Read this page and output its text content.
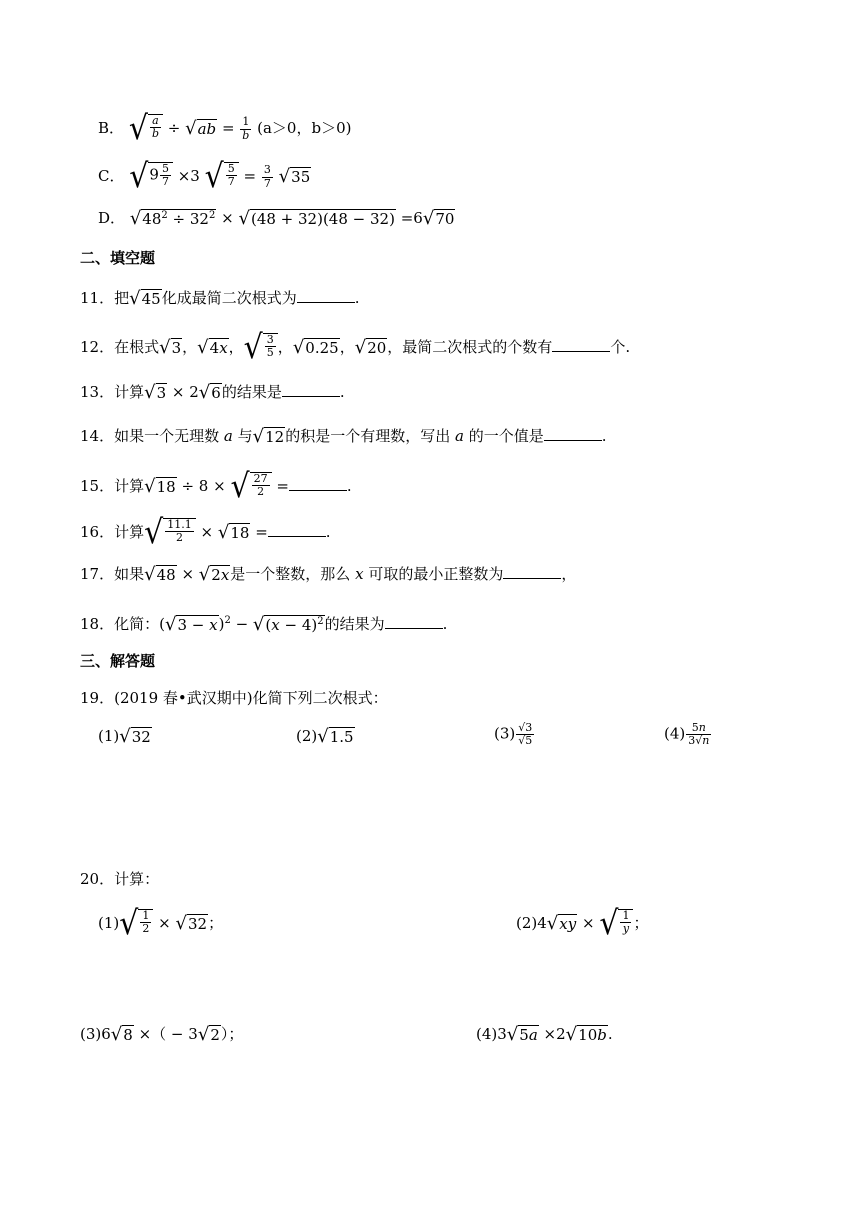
B． √ $\frac{a}{b}$ ÷ √ ab = $\frac{1}{b} (a>0$，b＞0)
C． √ $9 \frac{5}{7} \times 3$ √ $\frac{5}{7} = \frac{3}{7}$
√ 35
D． √ $48^2 \div 32^2$ × √ (48 + 32)(48 − 32) =6 √ 70
二、填空题
11．把 √ 45 化成最简二次根式为	.
12．在根式 √ 3 ， √ 4x ， √ $\frac{3}{5}$ ， √ 0.25 ， √ 20 ，最简二次根式的个数有	个.
13．计算 √ 3 × 2 √ 6 的结果是	.
14．如果一个无理数 a 与 √ 12 的积是一个有理数，写出 a 的一个值是	.
15．计算 √ 18 ÷ 8 × √ $\frac{27}{2}$ =	.
16．计算 √ $\frac{11.1}{2}$ × √ 18 =	.
17．如果 √ 48 × √ 2x 是一个整数，那么 x 可取的最小正整数为	，
18．化简：( √ 3 − x )$^2$ − √ $(x - 4)^2$ 的结果为	.
三、解答题
19．(2019 春•武汉期中)化简下列二次根式：
(1) √ 32	(2) √ 1.5	$(3) \frac{√3}{√5}$	$(4) \frac{5n}{3√n}$
20．计算：
(1) √ $\frac{1}{2}$ × √ 32 ；	(2)4 √ xy × √ $\frac{1}{y}$ ；
(3)6 √ 8 ×（ − 3 √ 2 ）；	(4)3 √ 5a ×2 √ 10b .
